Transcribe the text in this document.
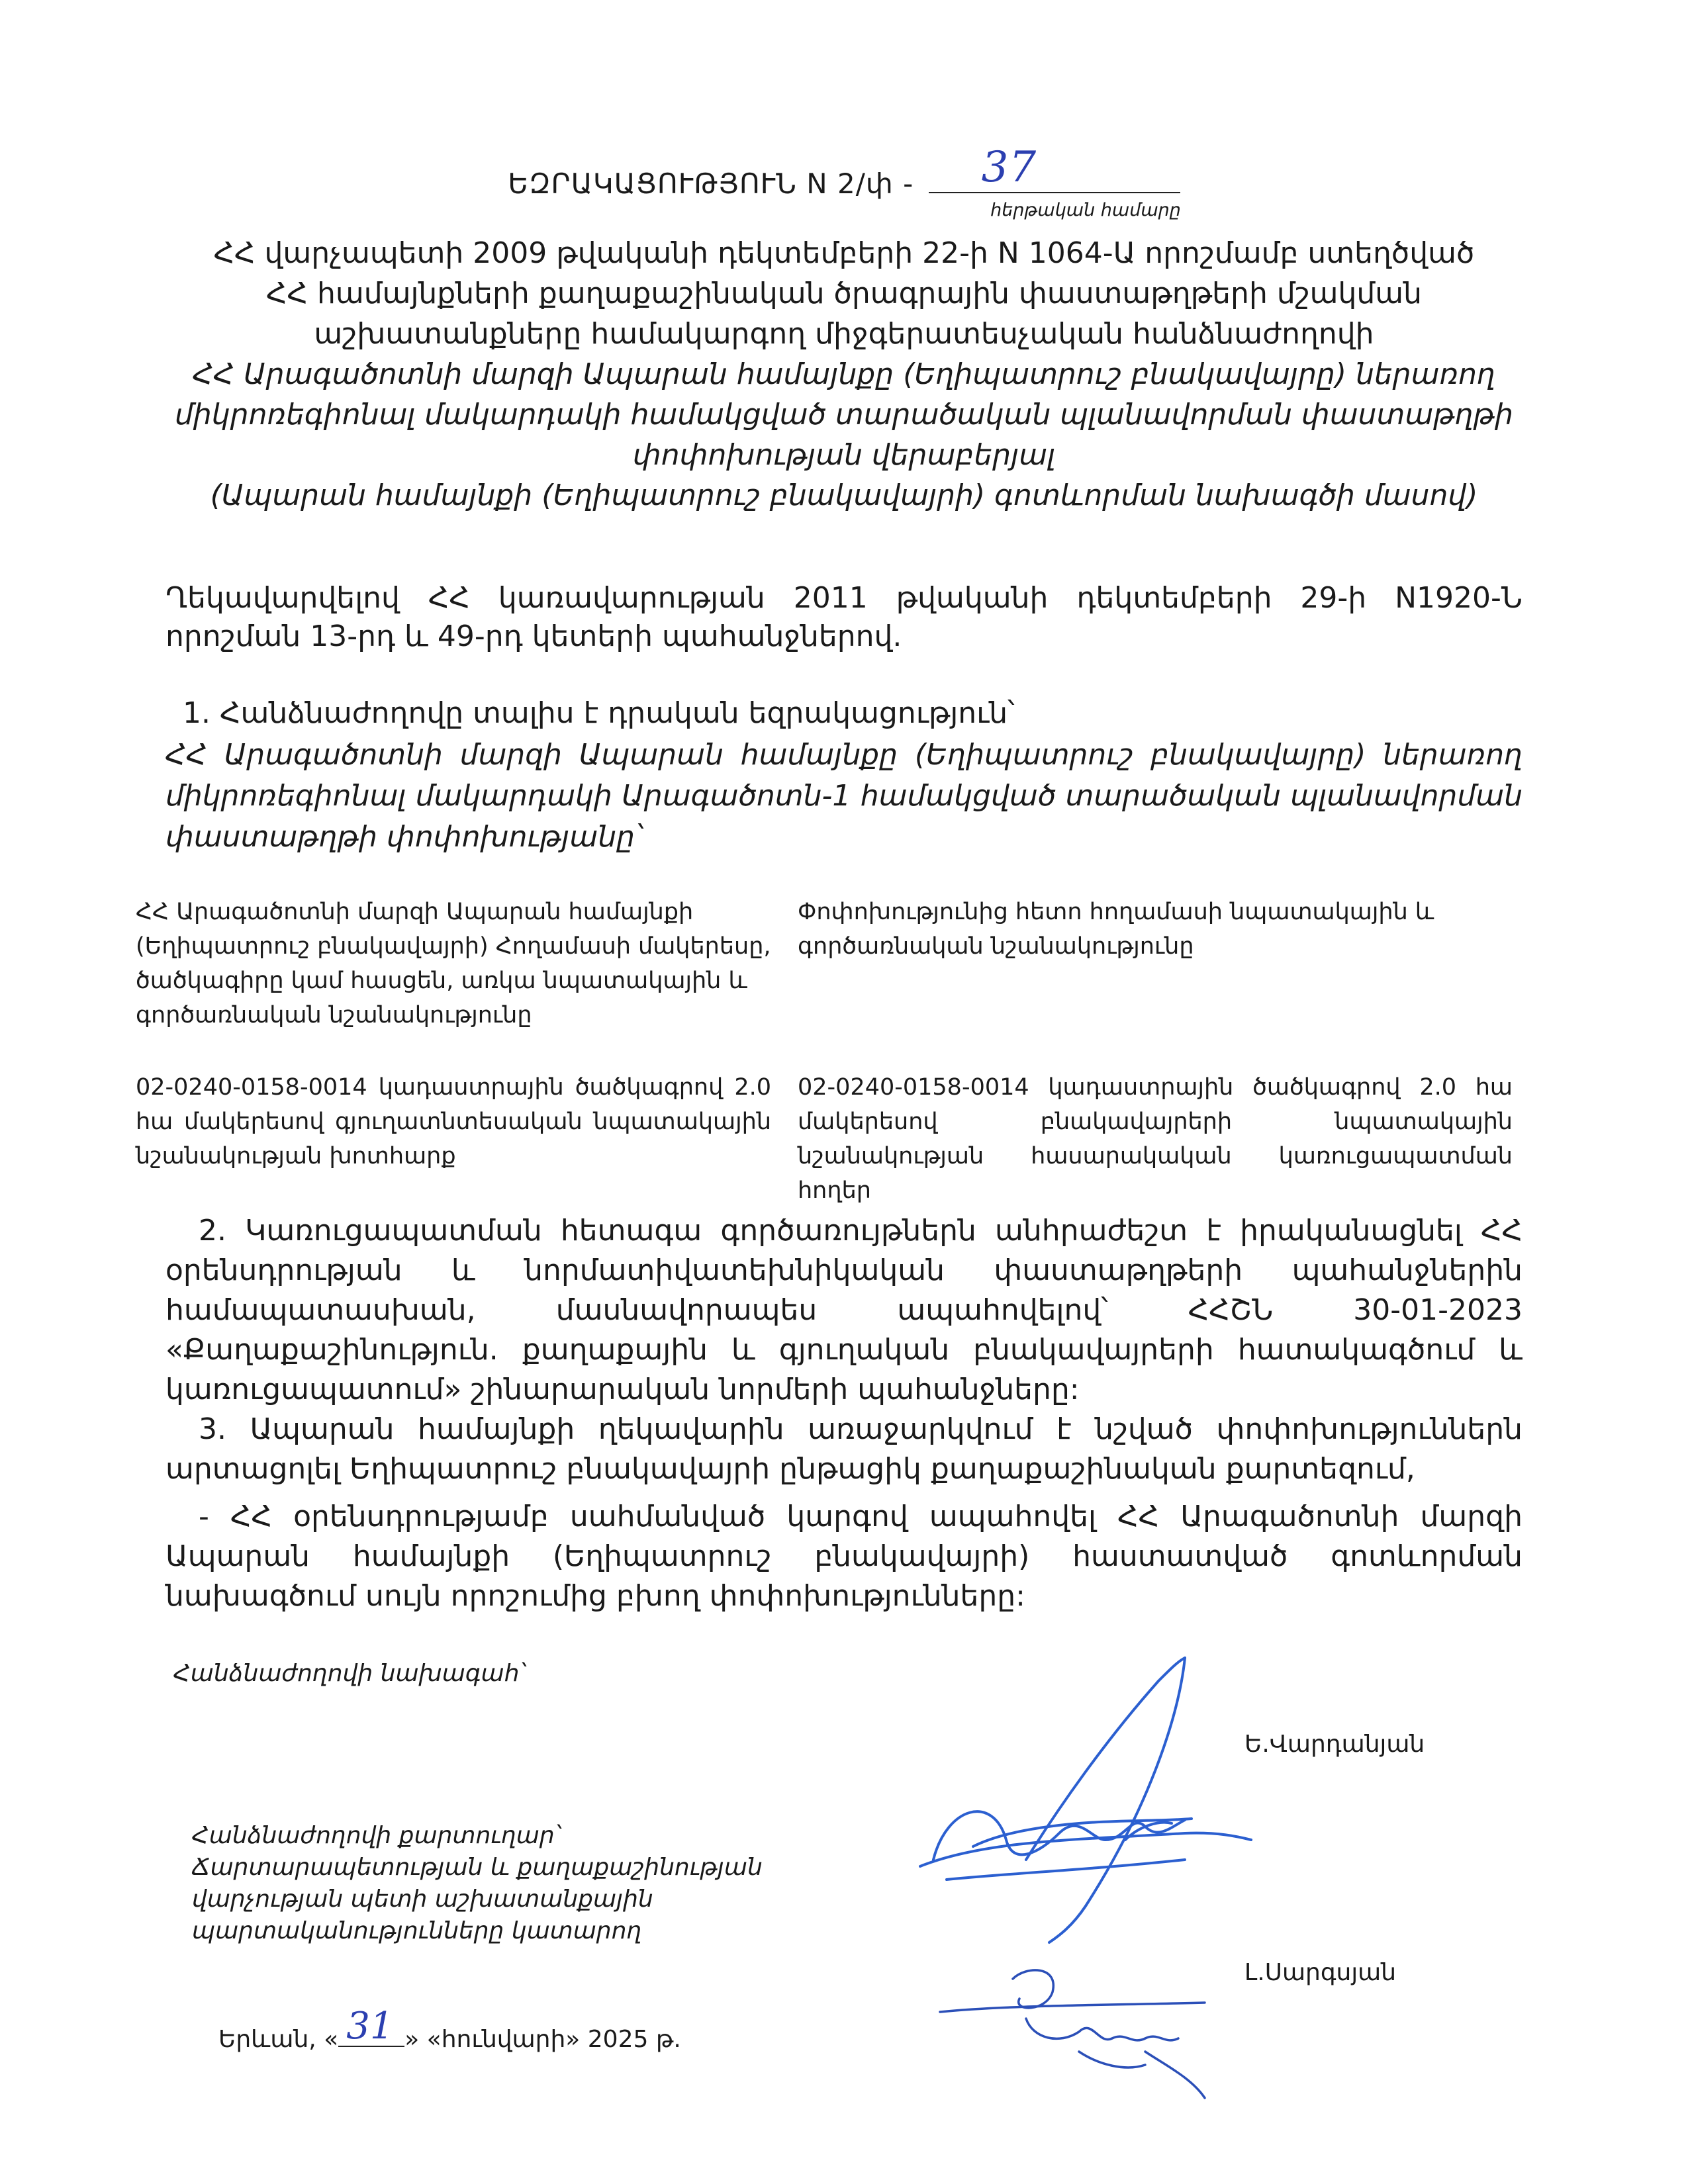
ԵԶՐԱԿԱՑՈՒԹՅՈՒՆ N 2/փ - 37
հերթական համարը
ՀՀ վարչապետի 2009 թվականի դեկտեմբերի 22-ի N 1064-Ա որոշմամբ ստեղծված
ՀՀ համայնքների քաղաքաշինական ծրագրային փաստաթղթերի մշակման
աշխատանքները համակարգող միջգերատեսչական հանձնաժողովի
ՀՀ Արագածոտնի մարզի Ապարան համայնքը (Եղիպատրուշ բնակավայրը) ներառող
միկրոռեգիոնալ մակարդակի համակցված տարածական պլանավորման փաստաթղթի
փոփոխության վերաբերյալ
(Ապարան համայնքի (Եղիպատրուշ բնակավայրի) գոտևորման նախագծի մասով)
Ղեկավարվելով ՀՀ կառավարության 2011 թվականի դեկտեմբերի 29-ի N1920-Ն որոշման 13-րդ և 49-րդ կետերի պահանջներով.
1. Հանձնաժողովը տալիս է դրական եզրակացություն՝
ՀՀ Արագածոտնի մարզի Ապարան համայնքը (Եղիպատրուշ բնակավայրը) ներառող միկրոռեգիոնալ մակարդակի Արագածոտն-1 համակցված տարածական պլանավորման փաստաթղթի փոփոխությանը՝
ՀՀ Արագածոտնի մարզի Ապարան համայնքի (Եղիպատրուշ բնակավայրի) Հողամասի մակերեսը, ծածկագիրը կամ հասցեն, առկա նպատակային և գործառնական նշանակությունը
Փոփոխությունից հետո հողամասի նպատակային և գործառնական նշանակությունը
02-0240-0158-0014 կադաստրային ծածկագրով 2.0 հա մակերեսով գյուղատնտեսական նպատակային նշանակության խոտհարք
02-0240-0158-0014 կադաստրային ծածկագրով 2.0 հա մակերեսով բնակավայրերի նպատակային նշանակության հասարակական կառուցապատման հողեր
2. Կառուցապատման հետագա գործառույթներն անհրաժեշտ է իրականացնել ՀՀ օրենսդրության և նորմատիվատեխնիկական փաստաթղթերի պահանջներին համապատասխան, մասնավորապես ապահովելով՝ ՀՀՇՆ 30-01-2023 «Քաղաքաշինություն. քաղաքային և գյուղական բնակավայրերի հատակագծում և կառուցապատում» շինարարական նորմերի պահանջները:
3. Ապարան համայնքի ղեկավարին առաջարկվում է նշված փոփոխություններն արտացոլել Եղիպատրուշ բնակավայրի ընթացիկ քաղաքաշինական քարտեզում,
- ՀՀ օրենսդրությամբ սահմանված կարգով ապահովել ՀՀ Արագածոտնի մարզի Ապարան համայնքի (Եղիպատրուշ բնակավայրի) հաստատված գոտևորման նախագծում սույն որոշումից բխող փոփոխությունները:
Հանձնաժողովի նախագահ՝
Ե.Վարդանյան
Հանձնաժողովի քարտուղար՝
Ճարտարապետության և քաղաքաշինության
վարչության պետի աշխատանքային
պարտականությունները կատարող
Լ.Սարգսյան
Երևան, « 31 » «հունվարի» 2025 թ.
